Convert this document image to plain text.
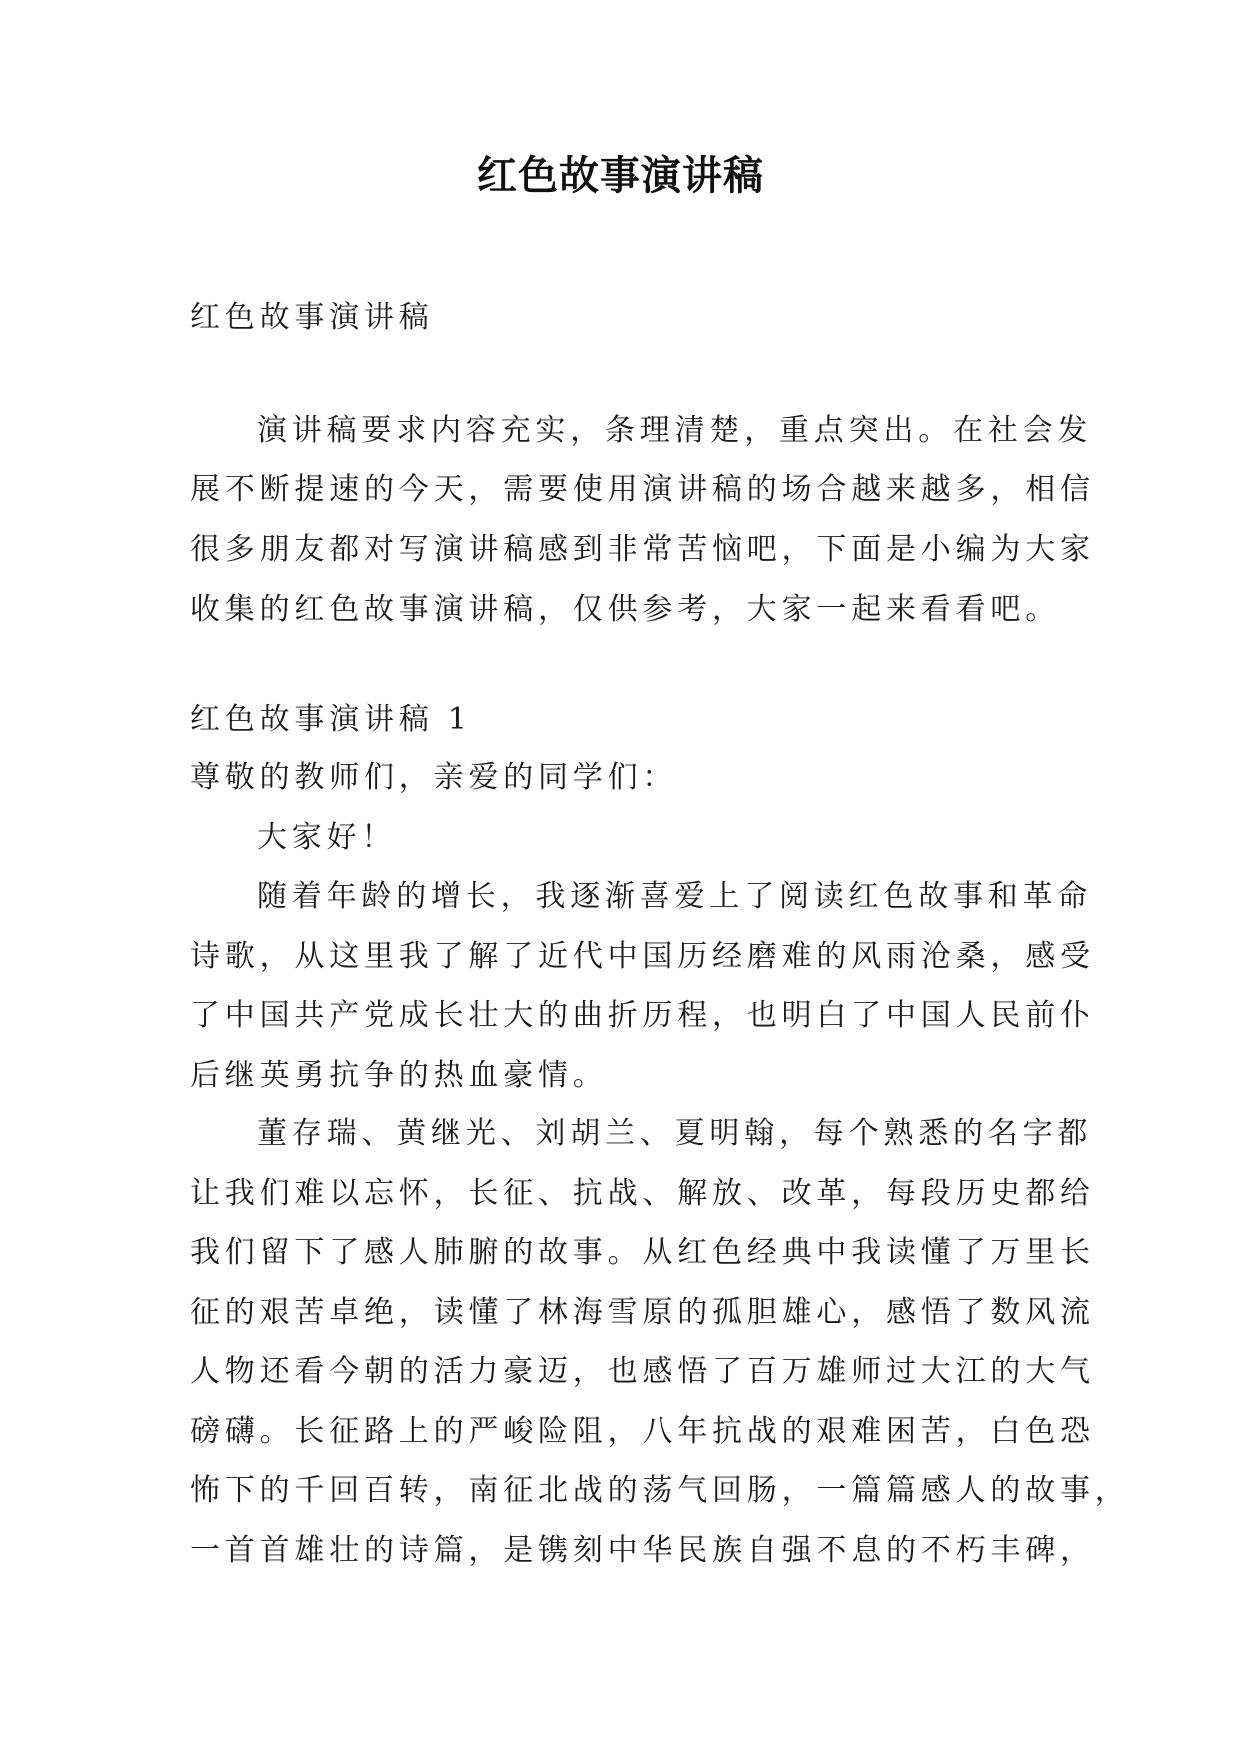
红色故事演讲稿
红色故事演讲稿
演讲稿要求内容充实，条理清楚，重点突出。在社会发
展不断提速的今天，需要使用演讲稿的场合越来越多，相信
很多朋友都对写演讲稿感到非常苦恼吧，下面是小编为大家
收集的红色故事演讲稿，仅供参考，大家一起来看看吧。
红色故事演讲稿 1
尊敬的教师们，亲爱的同学们：
大家好！
随着年龄的增长，我逐渐喜爱上了阅读红色故事和革命
诗歌，从这里我了解了近代中国历经磨难的风雨沧桑，感受
了中国共产党成长壮大的曲折历程，也明白了中国人民前仆
后继英勇抗争的热血豪情。
董存瑞、黄继光、刘胡兰、夏明翰，每个熟悉的名字都
让我们难以忘怀，长征、抗战、解放、改革，每段历史都给
我们留下了感人肺腑的故事。从红色经典中我读懂了万里长
征的艰苦卓绝，读懂了林海雪原的孤胆雄心，感悟了数风流
人物还看今朝的活力豪迈，也感悟了百万雄师过大江的大气
磅礴。长征路上的严峻险阻，八年抗战的艰难困苦，白色恐
怖下的千回百转，南征北战的荡气回肠，一篇篇感人的故事，
一首首雄壮的诗篇，是镌刻中华民族自强不息的不朽丰碑，
